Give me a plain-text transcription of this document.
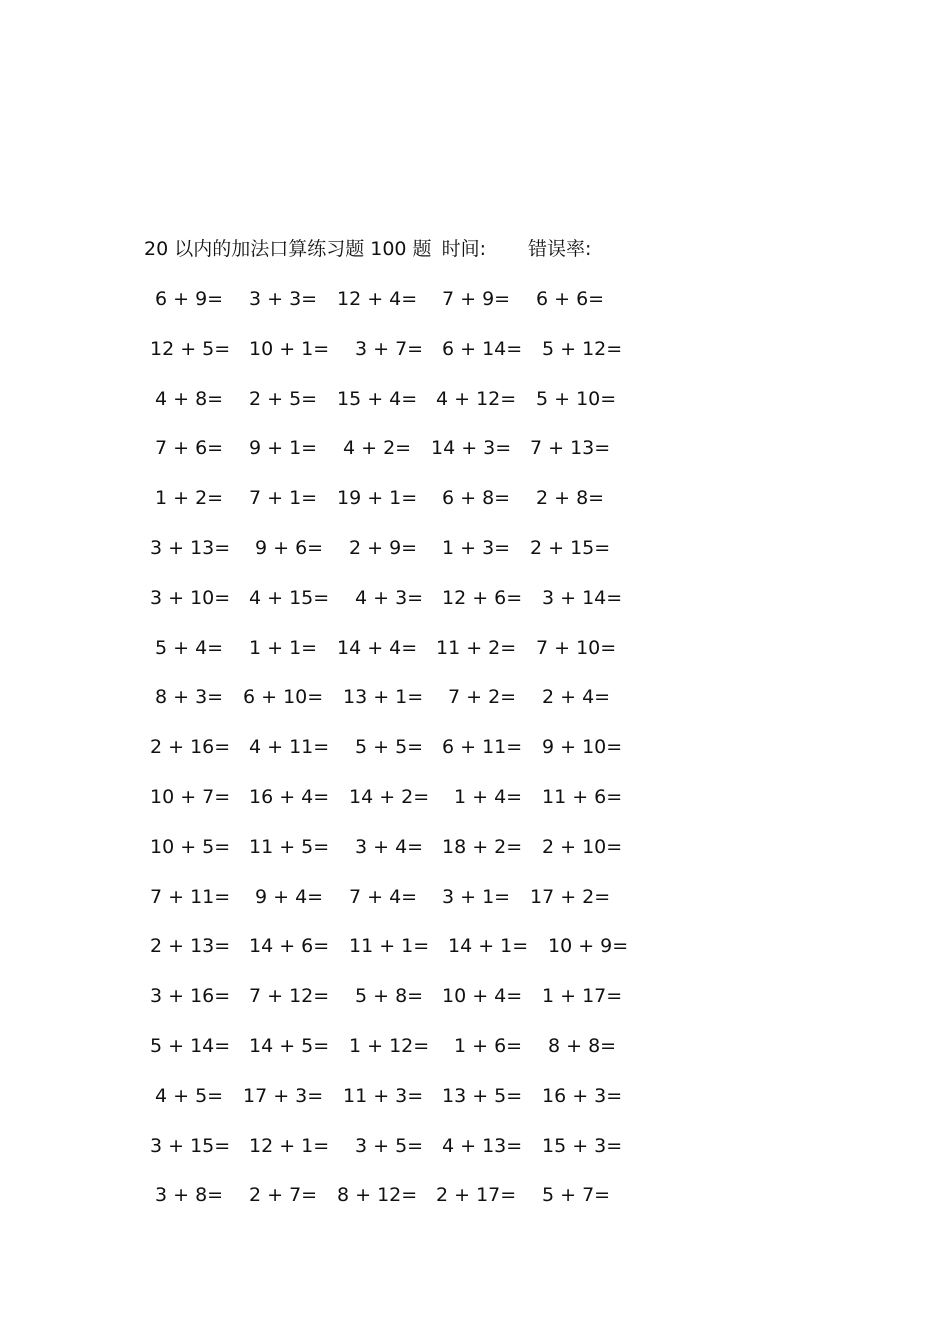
20 以内的加法口算练习题 100 题 时间: 错误率:
6 + 9= 3 + 3= 12 + 4= 7 + 9= 6 + 6=
12 + 5= 10 + 1= 3 + 7= 6 + 14= 5 + 12=
4 + 8= 2 + 5= 15 + 4= 4 + 12= 5 + 10=
7 + 6= 9 + 1= 4 + 2= 14 + 3= 7 + 13=
1 + 2= 7 + 1= 19 + 1= 6 + 8= 2 + 8=
3 + 13= 9 + 6= 2 + 9= 1 + 3= 2 + 15=
3 + 10= 4 + 15= 4 + 3= 12 + 6= 3 + 14=
5 + 4= 1 + 1= 14 + 4= 11 + 2= 7 + 10=
8 + 3= 6 + 10= 13 + 1= 7 + 2= 2 + 4=
2 + 16= 4 + 11= 5 + 5= 6 + 11= 9 + 10=
10 + 7= 16 + 4= 14 + 2= 1 + 4= 11 + 6=
10 + 5= 11 + 5= 3 + 4= 18 + 2= 2 + 10=
7 + 11= 9 + 4= 7 + 4= 3 + 1= 17 + 2=
2 + 13= 14 + 6= 11 + 1= 14 + 1= 10 + 9=
3 + 16= 7 + 12= 5 + 8= 10 + 4= 1 + 17=
5 + 14= 14 + 5= 1 + 12= 1 + 6= 8 + 8=
4 + 5= 17 + 3= 11 + 3= 13 + 5= 16 + 3=
3 + 15= 12 + 1= 3 + 5= 4 + 13= 15 + 3=
3 + 8= 2 + 7= 8 + 12= 2 + 17= 5 + 7=
